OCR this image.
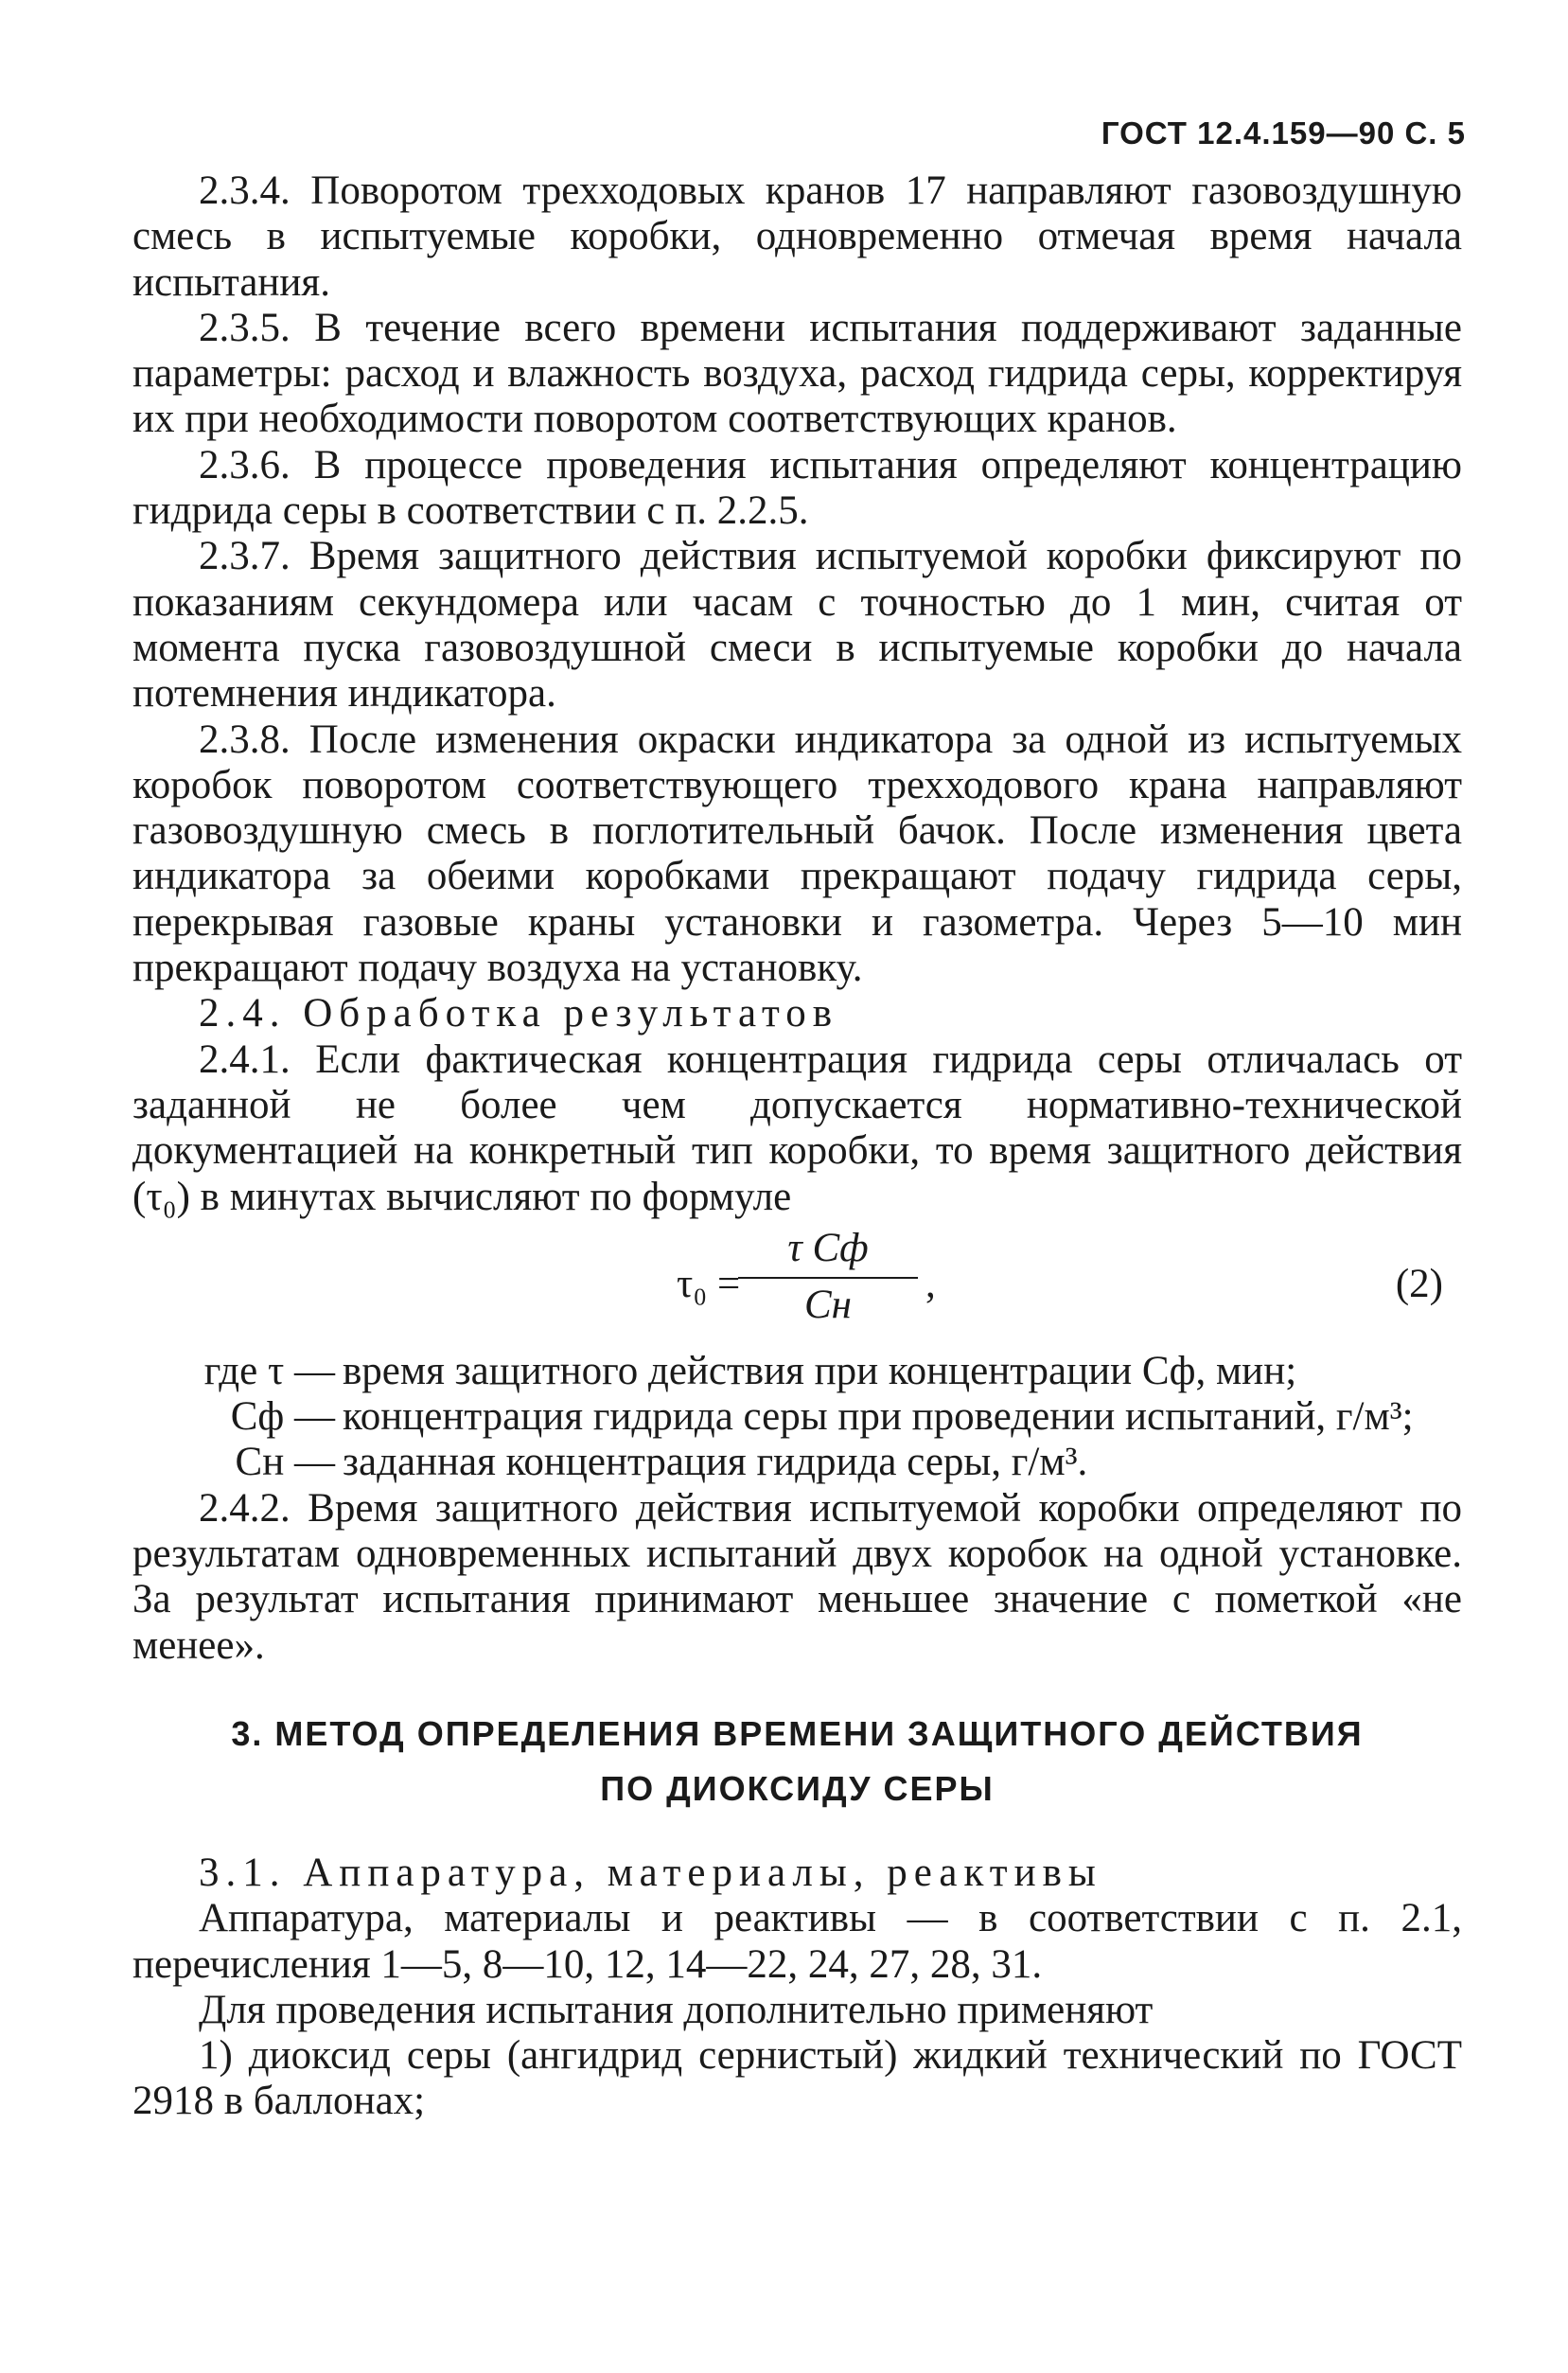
ГОСТ 12.4.159—90 С. 5

2.3.4. Поворотом трехходовых кранов 17 направляют газовоздушную смесь в испытуемые коробки, одновременно отмечая время начала испытания.

2.3.5. В течение всего времени испытания поддерживают заданные параметры: расход и влажность воздуха, расход гидрида серы, корректируя их при необходимости поворотом соответствующих кранов.

2.3.6. В процессе проведения испытания определяют концентрацию гидрида серы в соответствии с п. 2.2.5.

2.3.7. Время защитного действия испытуемой коробки фиксируют по показаниям секундомера или часам с точностью до 1 мин, считая от момента пуска газовоздушной смеси в испытуемые коробки до начала потемнения индикатора.

2.3.8. После изменения окраски индикатора за одной из испытуемых коробок поворотом соответствующего трехходового крана направляют газовоздушную смесь в поглотительный бачок. После изменения цвета индикатора за обеими коробками прекращают подачу гидрида серы, перекрывая газовые краны установки и газометра. Через 5—10 мин прекращают подачу воздуха на установку.

2.4. Обработка результатов

2.4.1. Если фактическая концентрация гидрида серы отличалась от заданной не более чем допускается нормативно-технической документацией на конкретный тип коробки, то время защитного действия (τ₀) в минутах вычисляют по формуле

τ₀ =
τ Cф
Cн	,	(2)
где τ — время защитного действия при концентрации Cф, мин;
Cф — концентрация гидрида серы при проведении испытаний, г/м³;
Cн — заданная концентрация гидрида серы, г/м³.

2.4.2. Время защитного действия испытуемой коробки определяют по результатам одновременных испытаний двух коробок на одной установке. За результат испытания принимают меньшее значение с пометкой «не менее».

3. МЕТОД ОПРЕДЕЛЕНИЯ ВРЕМЕНИ ЗАЩИТНОГО ДЕЙСТВИЯ
ПО ДИОКСИДУ СЕРЫ

3.1. Аппаратура, материалы, реактивы

Аппаратура, материалы и реактивы — в соответствии с п. 2.1, перечисления 1—5, 8—10, 12, 14—22, 24, 27, 28, 31.

Для проведения испытания дополнительно применяют

1) диоксид серы (ангидрид сернистый) жидкий технический по ГОСТ 2918 в баллонах;
